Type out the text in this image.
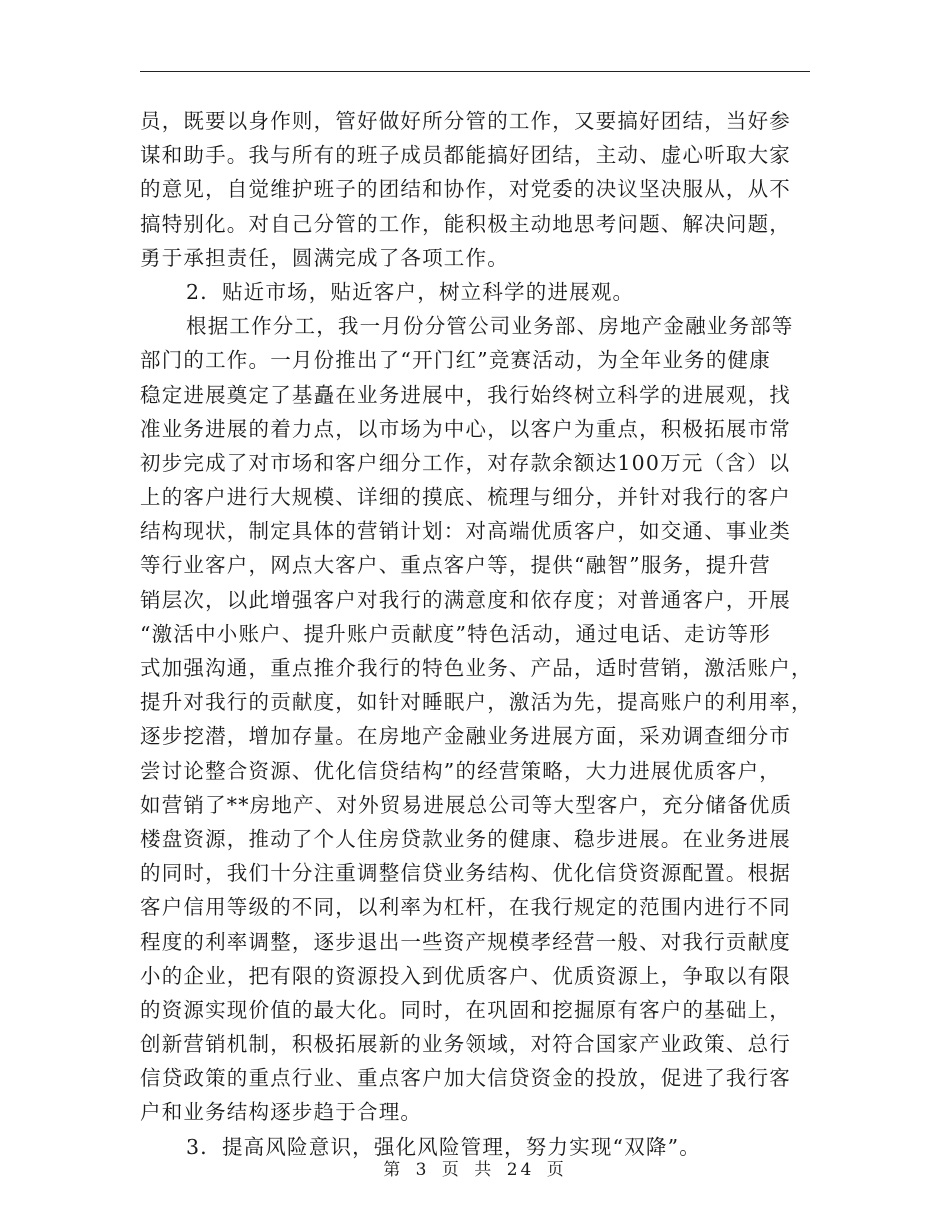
员，既要以身作则，管好做好所分管的工作，又要搞好团结，当好参
谋和助手。我与所有的班子成员都能搞好团结，主动、虚心听取大家
的意见，自觉维护班子的团结和协作，对党委的决议坚决服从，从不
搞特别化。对自己分管的工作，能积极主动地思考问题、解决问题，
勇于承担责任，圆满完成了各项工作。
2．贴近市场，贴近客户，树立科学的进展观。
根据工作分工，我一月份分管公司业务部、房地产金融业务部等
部门的工作。一月份推出了“开门红”竞赛活动，为全年业务的健康
稳定进展奠定了基矗在业务进展中，我行始终树立科学的进展观，找
准业务进展的着力点，以市场为中心，以客户为重点，积极拓展市常
初步完成了对市场和客户细分工作，对存款余额达100万元（含）以
上的客户进行大规模、详细的摸底、梳理与细分，并针对我行的客户
结构现状，制定具体的营销计划：对高端优质客户，如交通、事业类
等行业客户，网点大客户、重点客户等，提供“融智”服务，提升营
销层次，以此增强客户对我行的满意度和依存度；对普通客户，开展
“激活中小账户、提升账户贡献度”特色活动，通过电话、走访等形
式加强沟通，重点推介我行的特色业务、产品，适时营销，激活账户，
提升对我行的贡献度，如针对睡眠户，激活为先，提高账户的利用率，
逐步挖潜，增加存量。在房地产金融业务进展方面，采劝调查细分市
尝讨论整合资源、优化信贷结构”的经营策略，大力进展优质客户，
如营销了**房地产、对外贸易进展总公司等大型客户，充分储备优质
楼盘资源，推动了个人住房贷款业务的健康、稳步进展。在业务进展
的同时，我们十分注重调整信贷业务结构、优化信贷资源配置。根据
客户信用等级的不同，以利率为杠杆，在我行规定的范围内进行不同
程度的利率调整，逐步退出一些资产规模孝经营一般、对我行贡献度
小的企业，把有限的资源投入到优质客户、优质资源上，争取以有限
的资源实现价值的最大化。同时，在巩固和挖掘原有客户的基础上，
创新营销机制，积极拓展新的业务领域，对符合国家产业政策、总行
信贷政策的重点行业、重点客户加大信贷资金的投放，促进了我行客
户和业务结构逐步趋于合理。
3．提高风险意识，强化风险管理，努力实现“双降”。
第 3 页 共 24 页
